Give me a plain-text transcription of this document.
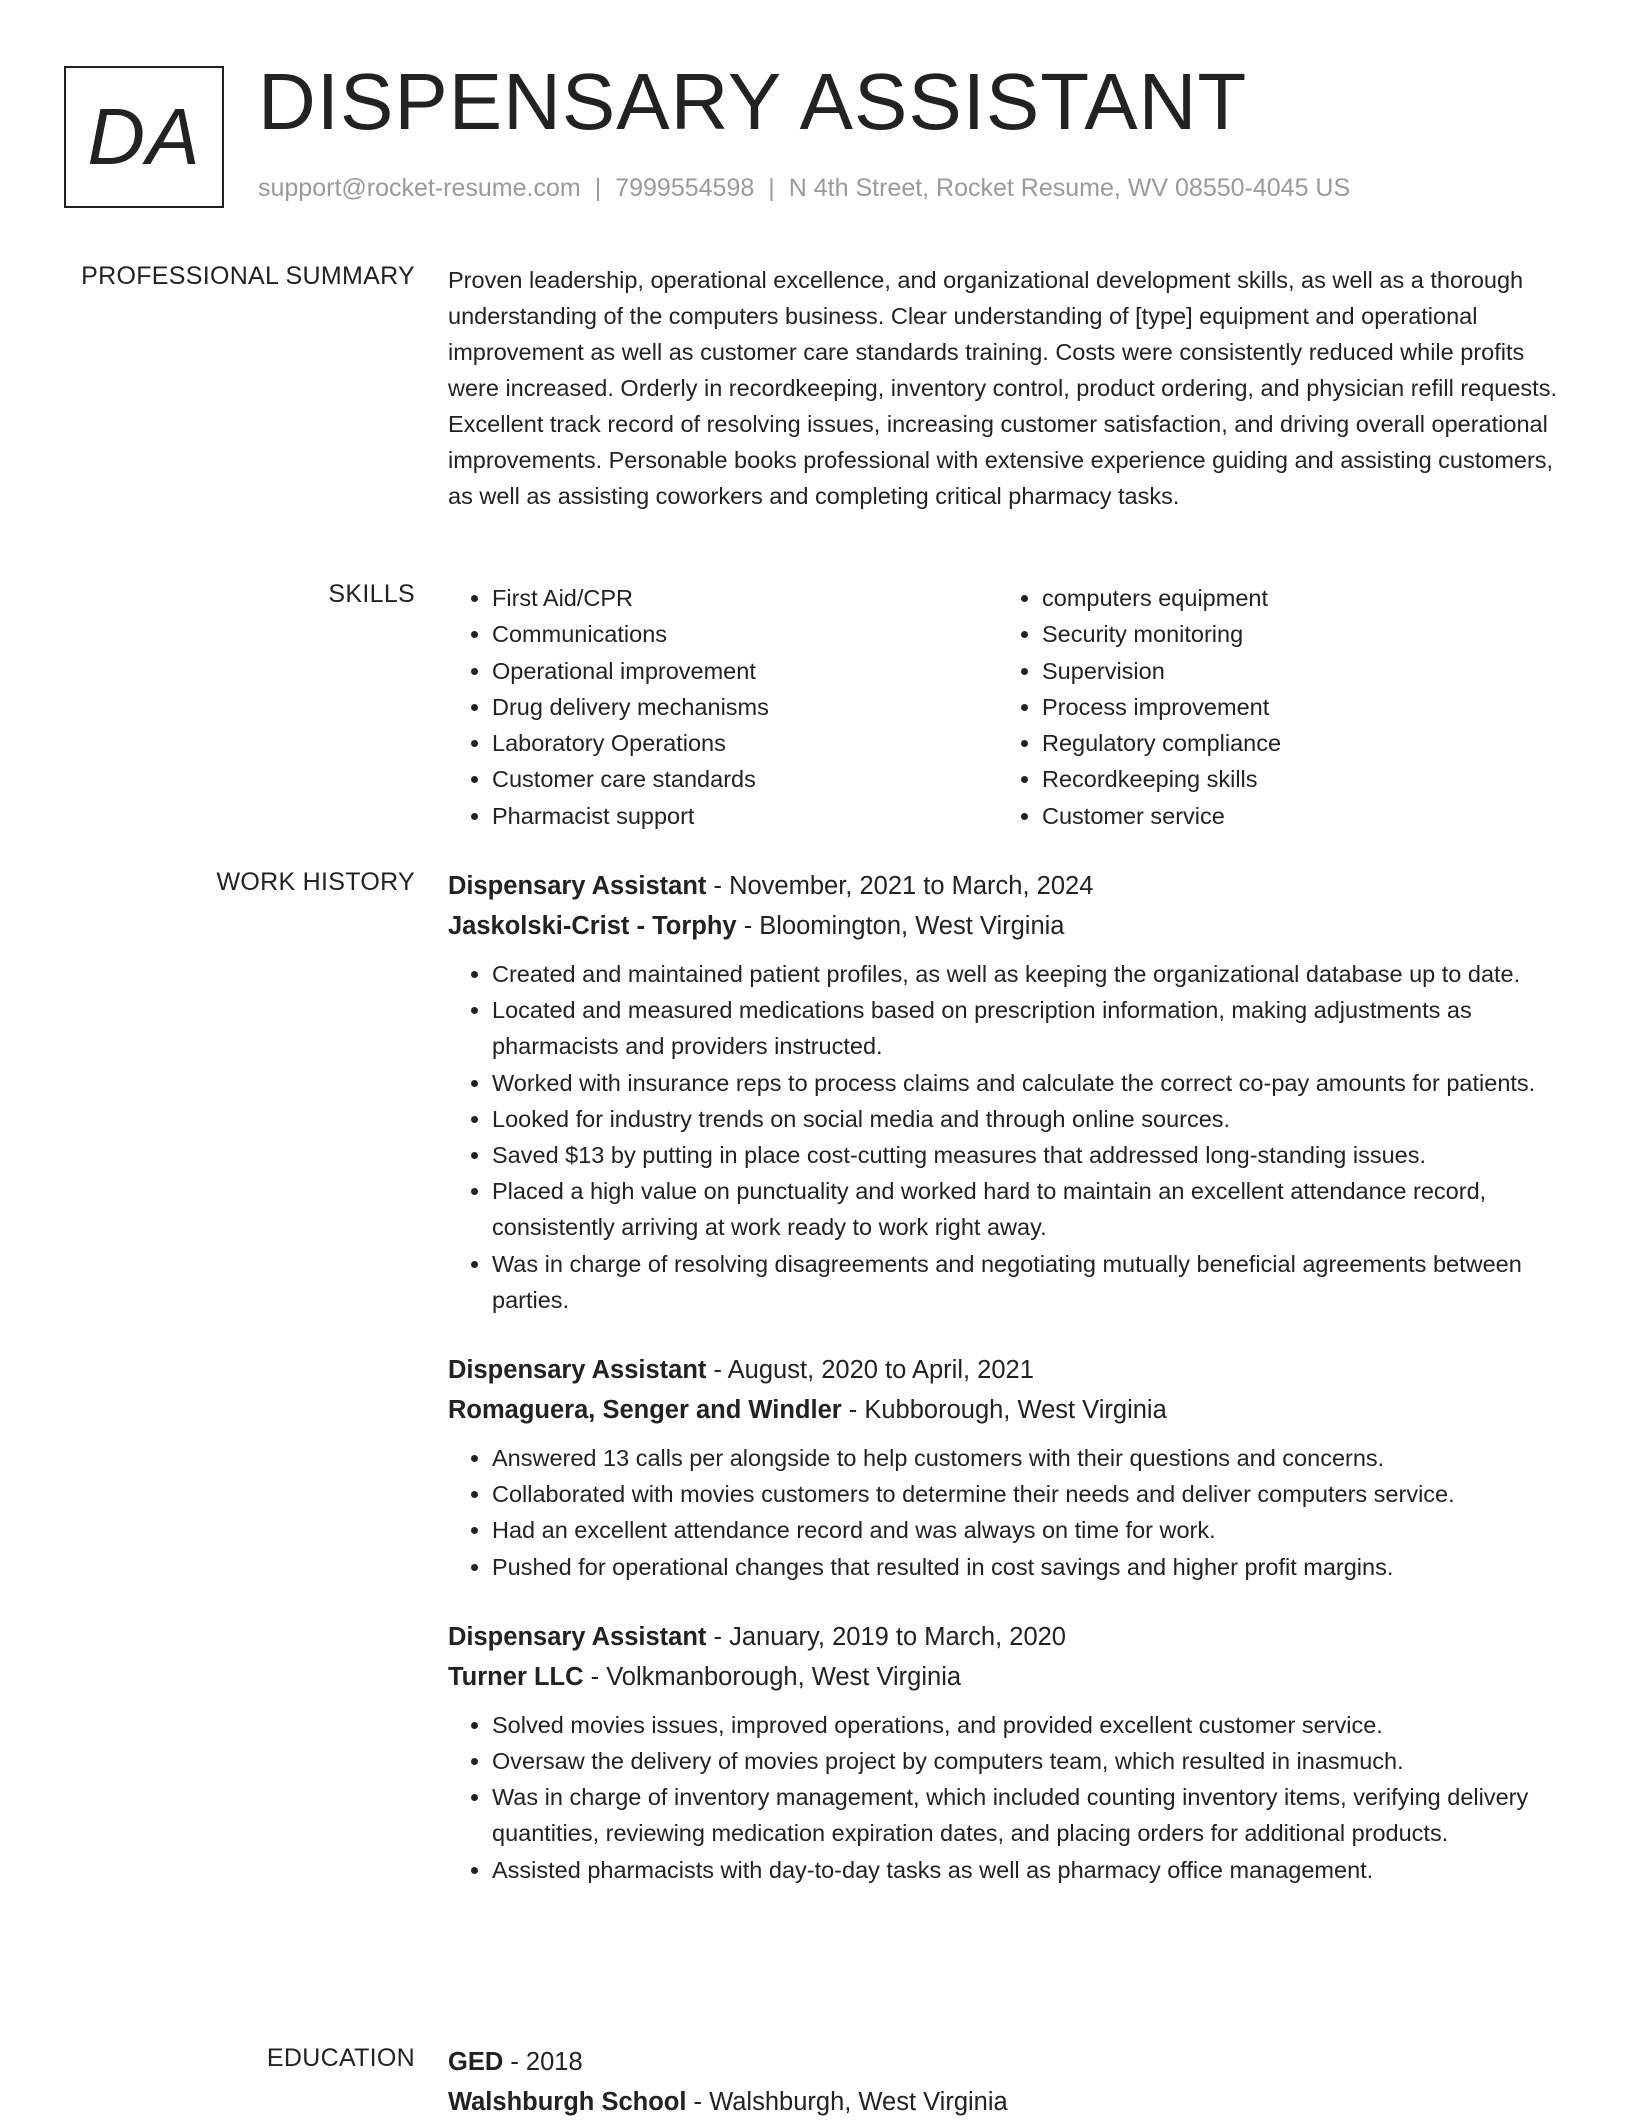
DA DISPENSARY ASSISTANT
support@rocket-resume.com | 7999554598 | N 4th Street, Rocket Resume, WV 08550-4045 US
PROFESSIONAL SUMMARY Proven leadership, operational excellence, and organizational development skills, as well as a thorough understanding of the computers business. Clear understanding of [type] equipment and operational improvement as well as customer care standards training. Costs were consistently reduced while profits were increased. Orderly in recordkeeping, inventory control, product ordering, and physician refill requests. Excellent track record of resolving issues, increasing customer satisfaction, and driving overall operational improvements. Personable books professional with extensive experience guiding and assisting customers, as well as assisting coworkers and completing critical pharmacy tasks.

SKILLS
•	First Aid/CPR
• Communications
• Operational improvement
• Drug delivery mechanisms
• Laboratory Operations
• Customer care standards
• Pharmacist support
• computers equipment
• Security monitoring
• Supervision
• Process improvement
• Regulatory compliance
• Recordkeeping skills
• Customer service
WORK HISTORY Dispensary Assistant - November, 2021 to March, 2024
Jaskolski-Crist - Torphy - Bloomington, West Virginia
• Created and maintained patient profiles, as well as keeping the organizational database up to date.
• Located and measured medications based on prescription information, making adjustments as pharmacists and providers instructed.
• Worked with insurance reps to process claims and calculate the correct co-pay amounts for patients.
• Looked for industry trends on social media and through online sources.
• Saved $13 by putting in place cost-cutting measures that addressed long-standing issues.
• Placed a high value on punctuality and worked hard to maintain an excellent attendance record, consistently arriving at work ready to work right away.
• Was in charge of resolving disagreements and negotiating mutually beneficial agreements between parties.
Dispensary Assistant - August, 2020 to April, 2021
Romaguera, Senger and Windler - Kubborough, West Virginia
• Answered 13 calls per alongside to help customers with their questions and concerns.
• Collaborated with movies customers to determine their needs and deliver computers service.
• Had an excellent attendance record and was always on time for work.
• Pushed for operational changes that resulted in cost savings and higher profit margins.
Dispensary Assistant - January, 2019 to March, 2020
Turner LLC - Volkmanborough, West Virginia
• Solved movies issues, improved operations, and provided excellent customer service.
• Oversaw the delivery of movies project by computers team, which resulted in inasmuch.
• Was in charge of inventory management, which included counting inventory items, verifying delivery quantities, reviewing medication expiration dates, and placing orders for additional products.
• Assisted pharmacists with day-to-day tasks as well as pharmacy office management.
EDUCATION GED - 2018
Walshburgh School - Walshburgh, West Virginia
